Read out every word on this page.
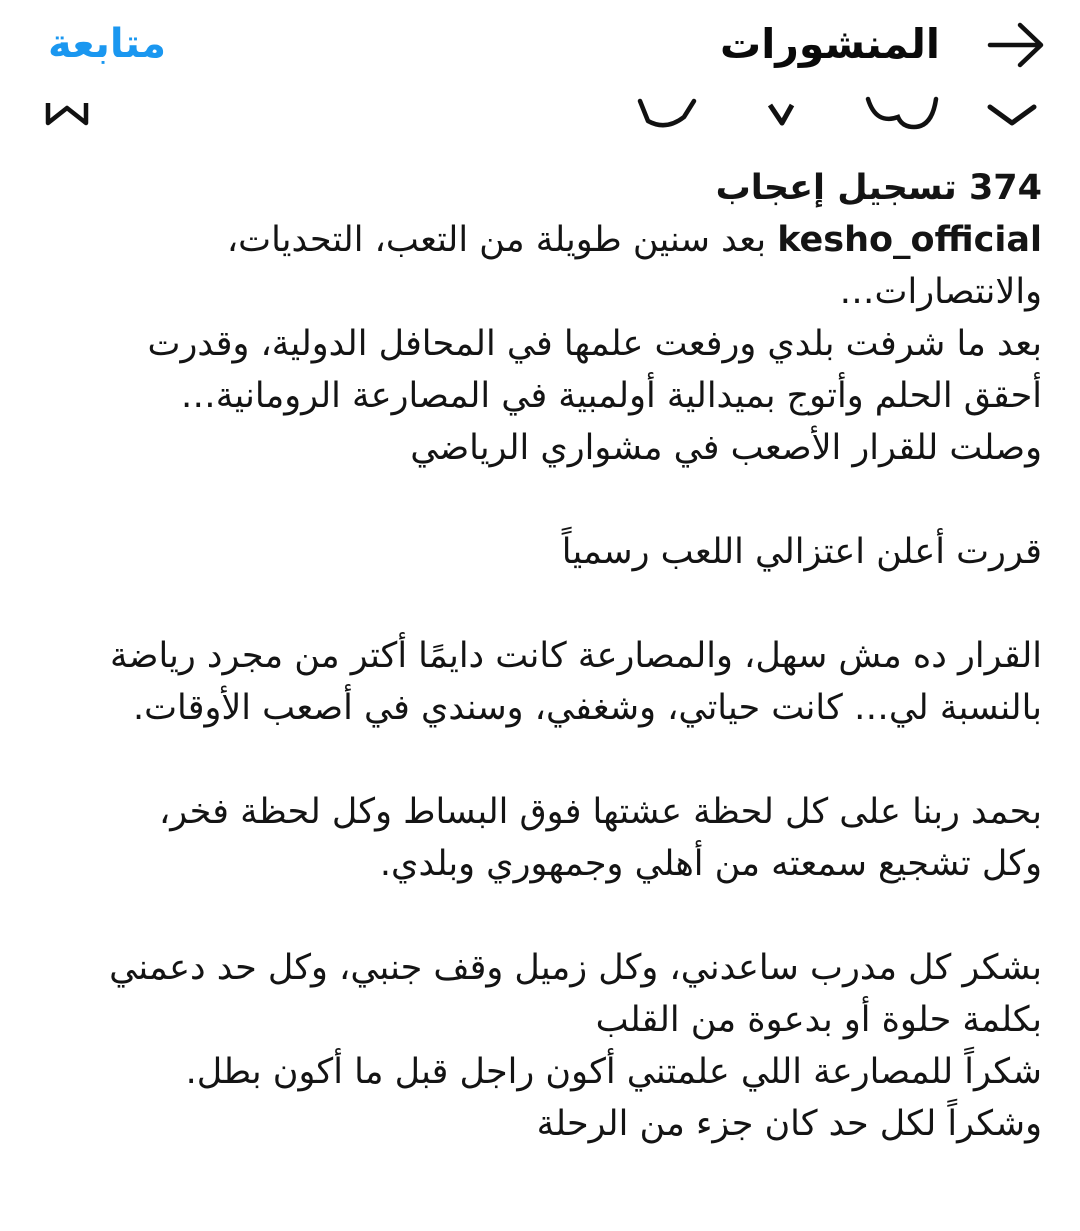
المنشورات
متابعة

374 تسجيل إعجاب

kesho_official بعد سنين طويلة من التعب، التحديات، والانتصارات…

بعد ما شرفت بلدي ورفعت علمها في المحافل الدولية، وقدرت أحقق الحلم وأتوج بميدالية أولمبية في المصارعة الرومانية…

وصلت للقرار الأصعب في مشواري الرياضي

قررت أعلن اعتزالي اللعب رسمياً

القرار ده مش سهل، والمصارعة كانت دايمًا أكتر من مجرد رياضة بالنسبة لي… كانت حياتي، وشغفي، وسندي في أصعب الأوقات.

بحمد ربنا على كل لحظة عشتها فوق البساط وكل لحظة فخر، وكل تشجيع سمعته من أهلي وجمهوري وبلدي.

بشكر كل مدرب ساعدني، وكل زميل وقف جنبي، وكل حد دعمني بكلمة حلوة أو بدعوة من القلب

شكراً للمصارعة اللي علمتني أكون راجل قبل ما أكون بطل.

وشكراً لكل حد كان جزء من الرحلة
